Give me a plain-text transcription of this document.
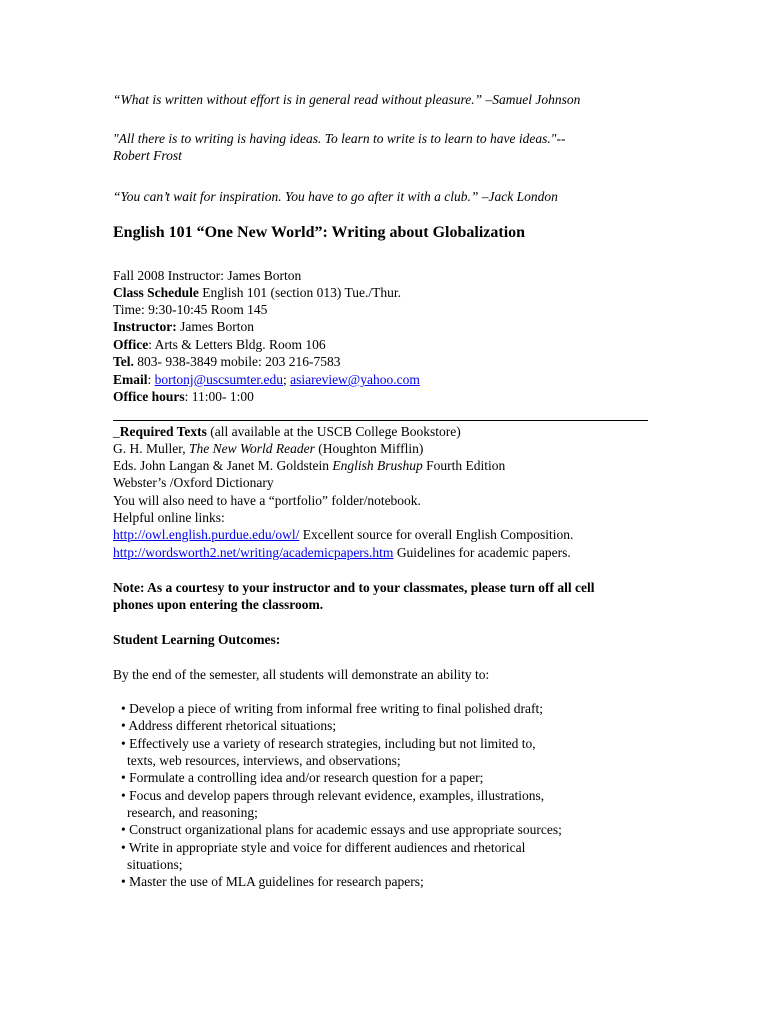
“What is written without effort is in general read without pleasure.” –Samuel Johnson
"All there is to writing is having ideas. To learn to write is to learn to have ideas."--
Robert Frost
“You can’t wait for inspiration. You have to go after it with a club.” –Jack London
English 101 “One New World”: Writing about Globalization
Fall 2008 Instructor: James Borton
Class Schedule English 101 (section 013) Tue./Thur.
Time: 9:30-10:45 Room 145
Instructor: James Borton
Office: Arts & Letters Bldg. Room 106
Tel. 803- 938-3849 mobile: 203 216-7583
Email: bortonj@uscsumter.edu; asiareview@yahoo.com
Office hours: 11:00- 1:00
_Required Texts (all available at the USCB College Bookstore)
G. H. Muller, The New World Reader (Houghton Mifflin)
Eds. John Langan & Janet M. Goldstein English Brushup Fourth Edition
Webster’s /Oxford Dictionary
You will also need to have a “portfolio” folder/notebook.
Helpful online links:
http://owl.english.purdue.edu/owl/ Excellent source for overall English Composition.
http://wordsworth2.net/writing/academicpapers.htm Guidelines for academic papers.
Note: As a courtesy to your instructor and to your classmates, please turn off all cell
phones upon entering the classroom.
Student Learning Outcomes:
By the end of the semester, all students will demonstrate an ability to:
• Develop a piece of writing from informal free writing to final polished draft;
• Address different rhetorical situations;
• Effectively use a variety of research strategies, including but not limited to,
texts, web resources, interviews, and observations;
• Formulate a controlling idea and/or research question for a paper;
• Focus and develop papers through relevant evidence, examples, illustrations,
research, and reasoning;
• Construct organizational plans for academic essays and use appropriate sources;
• Write in appropriate style and voice for different audiences and rhetorical
situations;
• Master the use of MLA guidelines for research papers;
